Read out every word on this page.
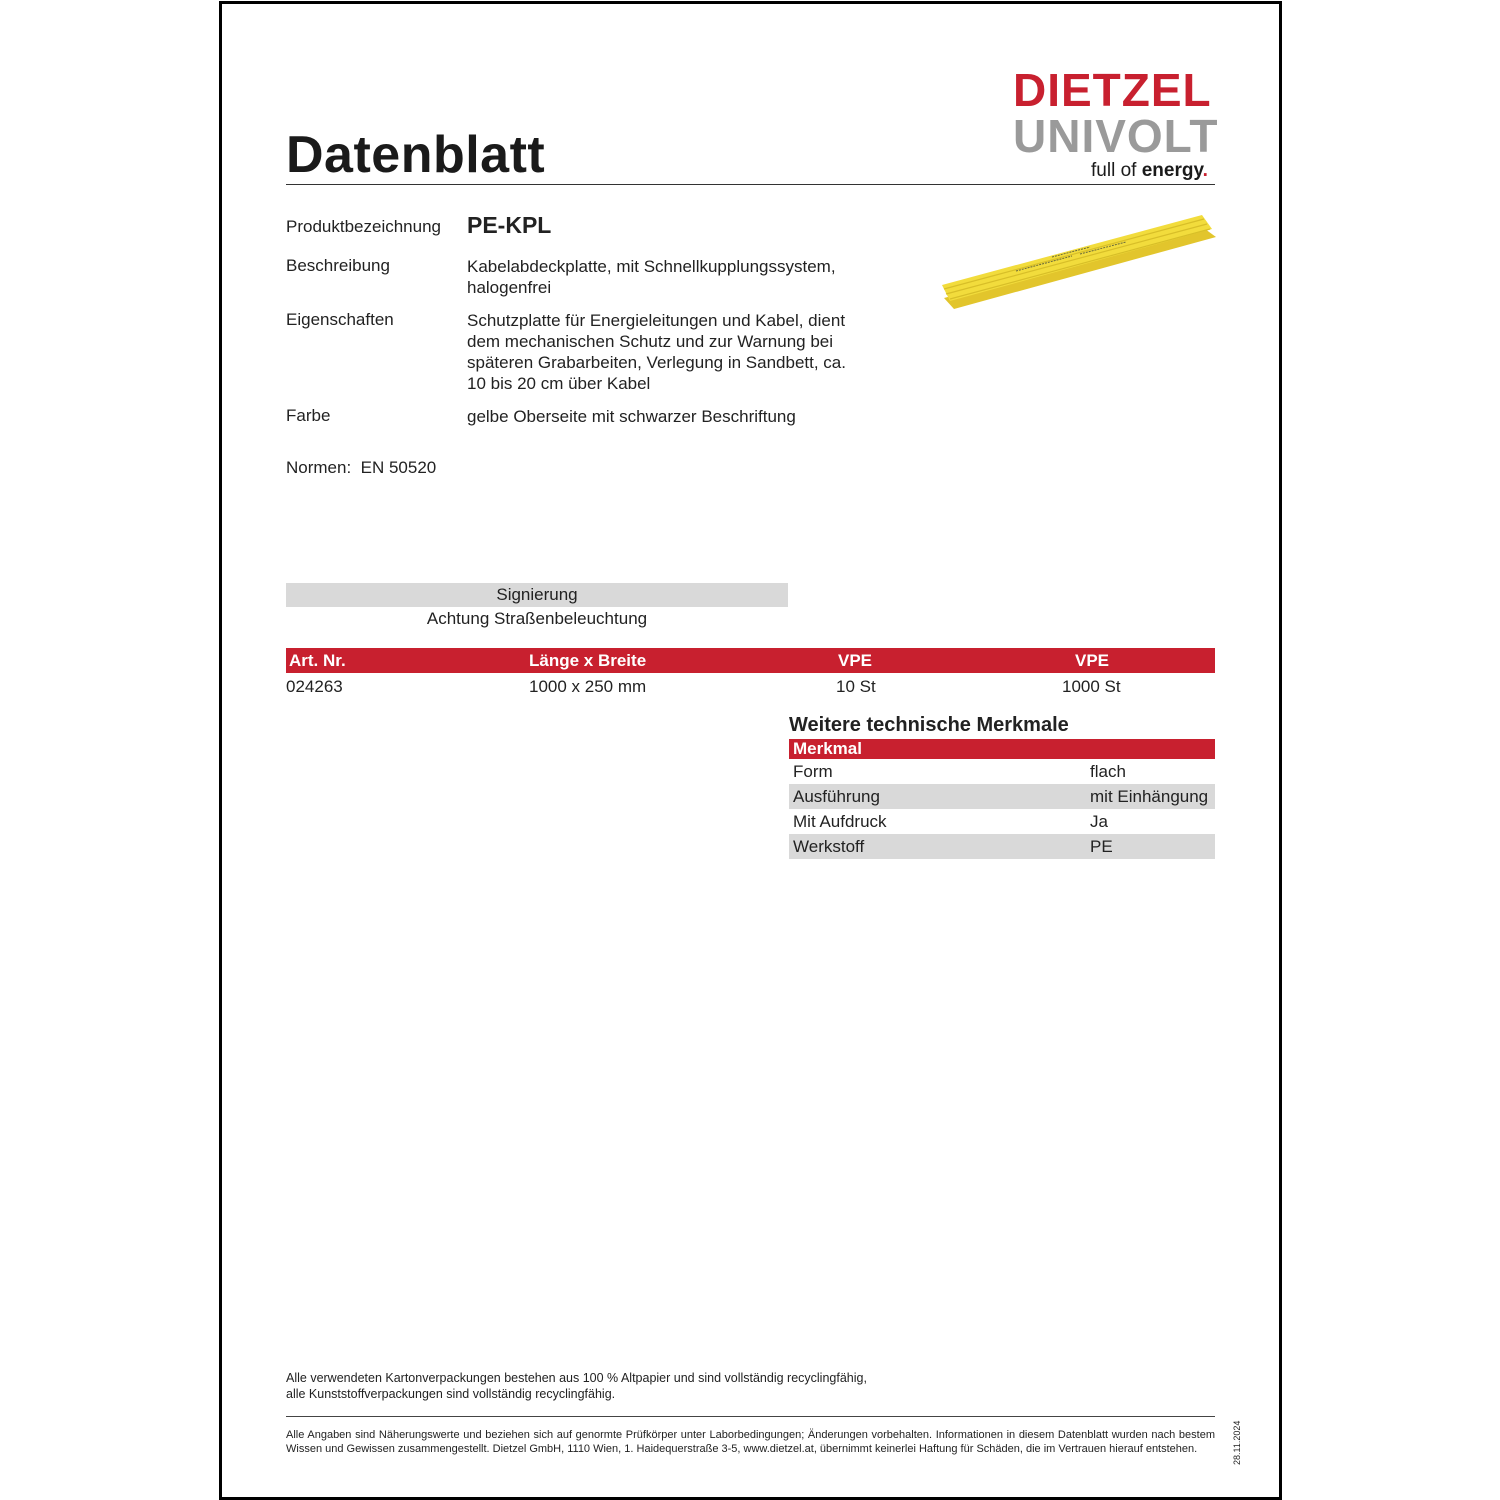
Datenblatt
DIETZEL
UNIVOLT
full of energy.
Produktbezeichnung PE-KPL
Beschreibung	Kabelabdeckplatte, mit Schnellkupplungssystem,
halogenfrei
Eigenschaften	Schutzplatte für Energieleitungen und Kabel, dient
dem mechanischen Schutz und zur Warnung bei
späteren Grabarbeiten, Verlegung in Sandbett, ca.
10 bis 20 cm über Kabel
Farbe	gelbe Oberseite mit schwarzer Beschriftung
Normen: EN 50520
Signierung
Achtung Straßenbeleuchtung
Art. Nr.	Länge x Breite	VPE	VPE
024263	1000 x 250 mm	10 St	1000 St
Weitere technische Merkmale
Merkmal
Form	flach
Ausführung	mit Einhängung
Mit Aufdruck	Ja
Werkstoff	PE
Alle verwendeten Kartonverpackungen bestehen aus 100 % Altpapier und sind vollständig recyclingfähig,
alle Kunststoffverpackungen sind vollständig recyclingfähig.
Alle Angaben sind Näherungswerte und beziehen sich auf genormte Prüfkörper unter Laborbedingungen; Änderungen vorbehalten. Informationen in diesem Datenblatt wurden nach bestem Wissen und Gewissen zusammengestellt. Dietzel GmbH, 1110 Wien, 1. Haidequerstraße 3-5, www.dietzel.at, übernimmt keinerlei Haftung für Schäden, die im Vertrauen hierauf entstehen.	28.11.2024
